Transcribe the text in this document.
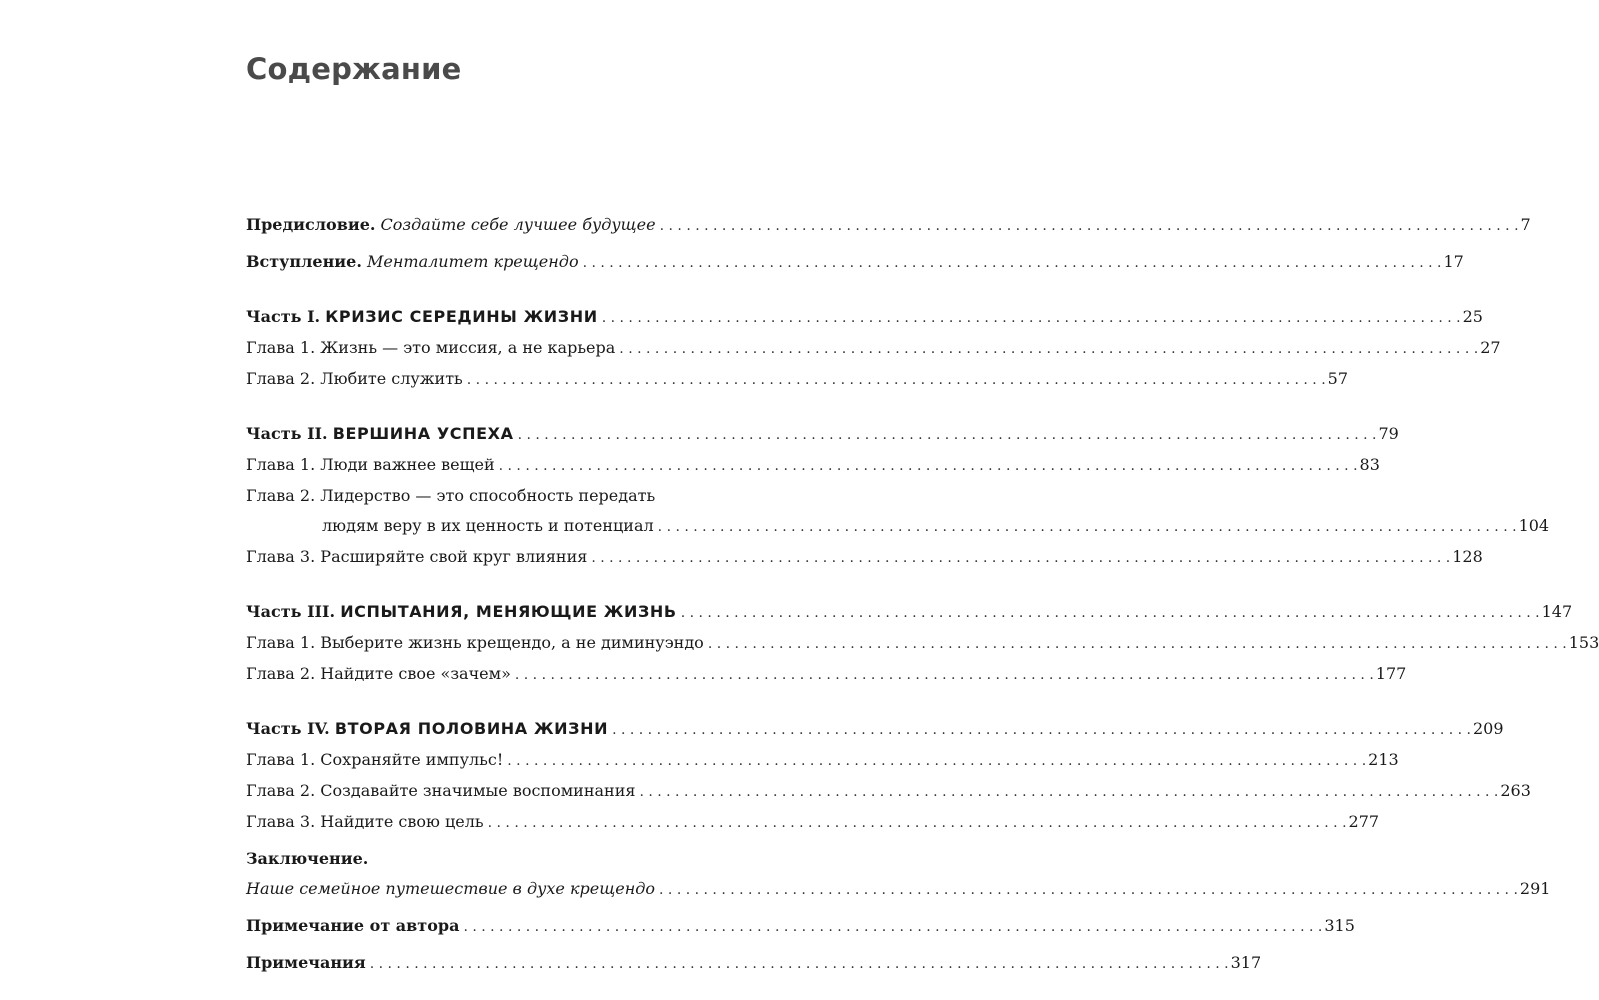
Содержание
Предисловие. Создайте себе лучшее будущее . . .	7
Вступление. Менталитет крещендо . . .	17
Часть I. КРИЗИС СЕРЕДИНЫ ЖИЗНИ . . .	25
Глава 1. Жизнь — это миссия, а не карьера . . .	27
Глава 2. Любите служить . . .	57
Часть II. ВЕРШИНА УСПЕХА . . .	79
Глава 1. Люди важнее вещей . . .	83
Глава 2. Лидерство — это способность передать
людям веру в их ценность и потенциал . . .	104
Глава 3. Расширяйте свой круг влияния . . .	128
Часть III. ИСПЫТАНИЯ, МЕНЯЮЩИЕ ЖИЗНЬ . . .	147
Глава 1. Выберите жизнь крещендо, а не диминуэндо . . .	153
Глава 2. Найдите свое «зачем» . . .	177
Часть IV. ВТОРАЯ ПОЛОВИНА ЖИЗНИ . . .	209
Глава 1. Сохраняйте импульс! . . .	213
Глава 2. Создавайте значимые воспоминания . . .	263
Глава 3. Найдите свою цель . . .	277
Заключение.
Наше семейное путешествие в духе крещендо . . .	291
Примечание от автора . . .	315
Примечания . . .	317
